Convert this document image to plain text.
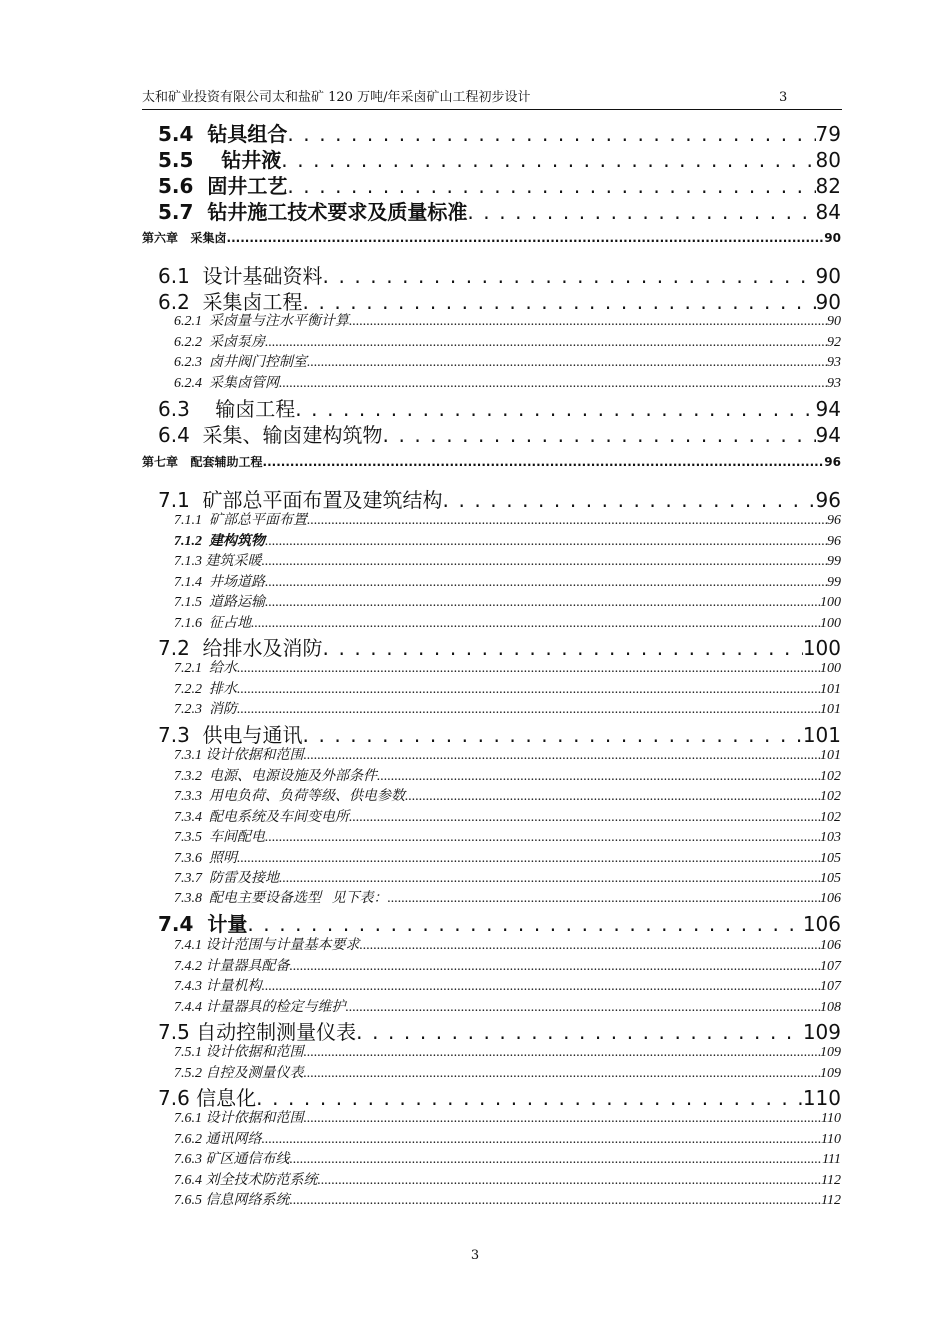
太和矿业投资有限公司太和盐矿 120 万吨/年采卤矿山工程初步设计	3
5.4  钻具组合 . . .	79
5.5    钻井液 . . .	80
5.6  固井工艺 . . .	82
5.7  钻井施工技术要求及质量标准 . . .	84
第六章   采集卤 .....	90
6.1  设计基础资料 . . .	90
6.2  采集卤工程 . . .	90
6.2.1  采卤量与注水平衡计算 .....	90
6.2.2  采卤泵房 .....	92
6.2.3  卤井阀门控制室 .....	93
6.2.4  采集卤管网 .....	93
6.3    输卤工程 . . .	94
6.4  采集、输卤建构筑物 . . .	94
第七章   配套辅助工程 .....	96
7.1  矿部总平面布置及建筑结构 . . .	96
7.1.1  矿部总平面布置 .....	96
7.1.2  建构筑物 .....	96
7.1.3 建筑采暖 .....	99
7.1.4  井场道路 .....	99
7.1.5  道路运输 .....	100
7.1.6  征占地 .....	100
7.2  给排水及消防 . . .	100
7.2.1  给水 .....	100
7.2.2  排水 .....	101
7.2.3  消防 .....	101
7.3  供电与通讯 . . .	101
7.3.1 设计依据和范围 .....	101
7.3.2  电源、电源设施及外部条件 .....	102
7.3.3  用电负荷、负荷等级、供电参数 .....	102
7.3.4  配电系统及车间变电所 .....	102
7.3.5  车间配电 .....	103
7.3.6  照明 .....	105
7.3.7  防雷及接地 .....	105
7.3.8  配电主要设备选型   见下表： .....	106
7.4  计量 . . .	106
7.4.1 设计范围与计量基本要求 .....	106
7.4.2 计量器具配备 .....	107
7.4.3 计量机构 .....	107
7.4.4 计量器具的检定与维护 .....	108
7.5 自动控制测量仪表 . . .	109
7.5.1 设计依据和范围 .....	109
7.5.2 自控及测量仪表 .....	109
7.6 信息化 . . .	110
7.6.1 设计依据和范围 .....	110
7.6.2 通讯网络 .....	110
7.6.3 矿区通信布线 .....	111
7.6.4 刘全技术防范系统 .....	112
7.6.5 信息网络系统 .....	112
3
